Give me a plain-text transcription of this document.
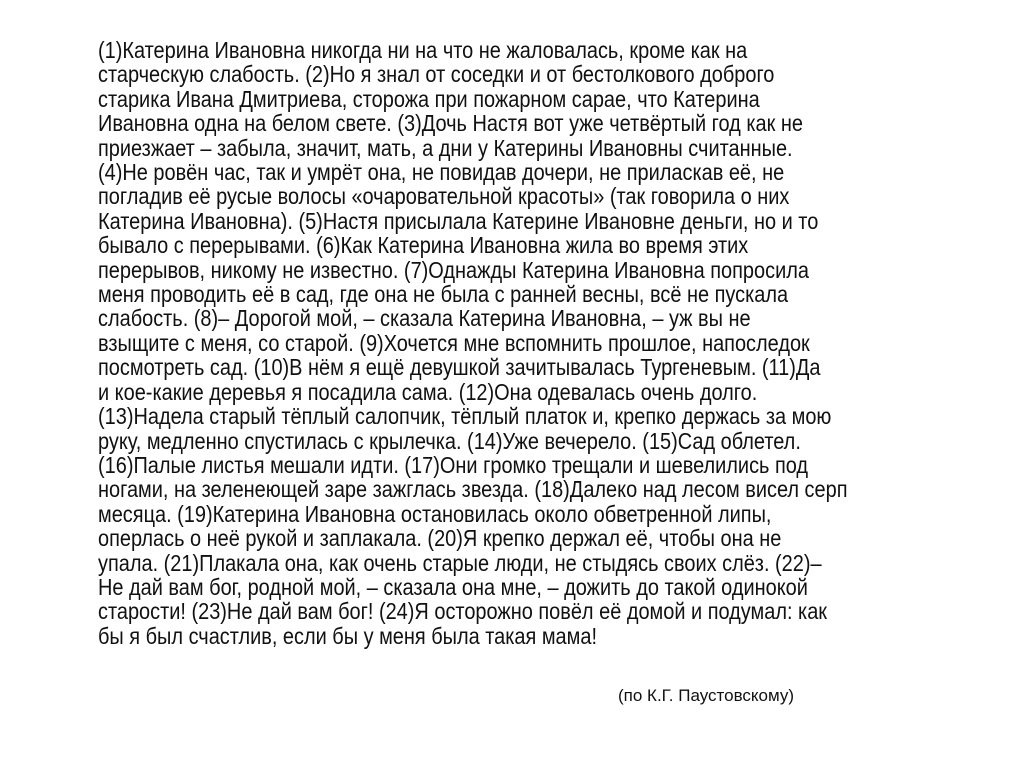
(1)Катерина Ивановна никогда ни на что не жаловалась, кроме как на
старческую слабость. (2)Но я знал от соседки и от бестолкового доброго
старика Ивана Дмитриева, сторожа при пожарном сарае, что Катерина
Ивановна одна на белом свете. (3)Дочь Настя вот уже четвёртый год как не
приезжает – забыла, значит, мать, а дни у Катерины Ивановны считанные.
(4)Не ровён час, так и умрёт она, не повидав дочери, не приласкав её, не
погладив её русые волосы «очаровательной красоты» (так говорила о них
Катерина Ивановна). (5)Настя присылала Катерине Ивановне деньги, но и то
бывало с перерывами. (6)Как Катерина Ивановна жила во время этих
перерывов, никому не известно. (7)Однажды Катерина Ивановна попросила
меня проводить её в сад, где она не была с ранней весны, всё не пускала
слабость. (8)– Дорогой мой, – сказала Катерина Ивановна, – уж вы не
взыщите с меня, со старой. (9)Хочется мне вспомнить прошлое, напоследок
посмотреть сад. (10)В нём я ещё девушкой зачитывалась Тургеневым. (11)Да
и кое-какие деревья я посадила сама. (12)Она одевалась очень долго.
(13)Надела старый тёплый салопчик, тёплый платок и, крепко держась за мою
руку, медленно спустилась с крылечка. (14)Уже вечерело. (15)Сад облетел.
(16)Палые листья мешали идти. (17)Они громко трещали и шевелились под
ногами, на зеленеющей заре зажглась звезда. (18)Далеко над лесом висел серп
месяца. (19)Катерина Ивановна остановилась около обветренной липы,
оперлась о неё рукой и заплакала. (20)Я крепко держал её, чтобы она не
упала. (21)Плакала она, как очень старые люди, не стыдясь своих слёз. (22)–
Не дай вам бог, родной мой, – сказала она мне, – дожить до такой одинокой
старости! (23)Не дай вам бог! (24)Я осторожно повёл её домой и подумал: как
бы я был счастлив, если бы у меня была такая мама!
(по К.Г. Паустовскому)
